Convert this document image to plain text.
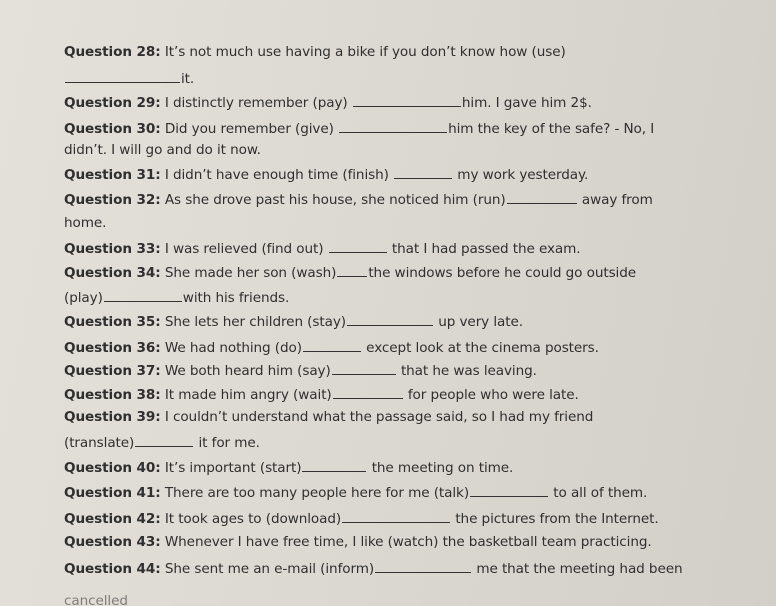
Question 28: It’s not much use having a bike if you don’t know how (use)
it.
Question 29: I distinctly remember (pay)	him. I gave him 2$.
Question 30: Did you remember (give)	him the key of the safe? - No, I
didn’t. I will go and do it now.
Question 31: I didn’t have enough time (finish)	my work yesterday.
Question 32: As she drove past his house, she noticed him (run)	away from
home.
Question 33: I was relieved (find out)	that I had passed the exam.
Question 34: She made her son (wash) the windows before he could go outside
(play)	with his friends.
Question 35: She lets her children (stay)	up very late.
Question 36: We had nothing (do)	except look at the cinema posters.
Question 37: We both heard him (say)	that he was leaving.
Question 38: It made him angry (wait)	for people who were late.
Question 39: I couldn’t understand what the passage said, so I had my friend
(translate)	it for me.
Question 40: It’s important (start)	the meeting on time.
Question 41: There are too many people here for me (talk)	to all of them.
Question 42: It took ages to (download)	the pictures from the Internet.
Question 43: Whenever I have free time, I like (watch) the basketball team practicing.
Question 44: She sent me an e-mail (inform)	me that the meeting had been
cancelled
